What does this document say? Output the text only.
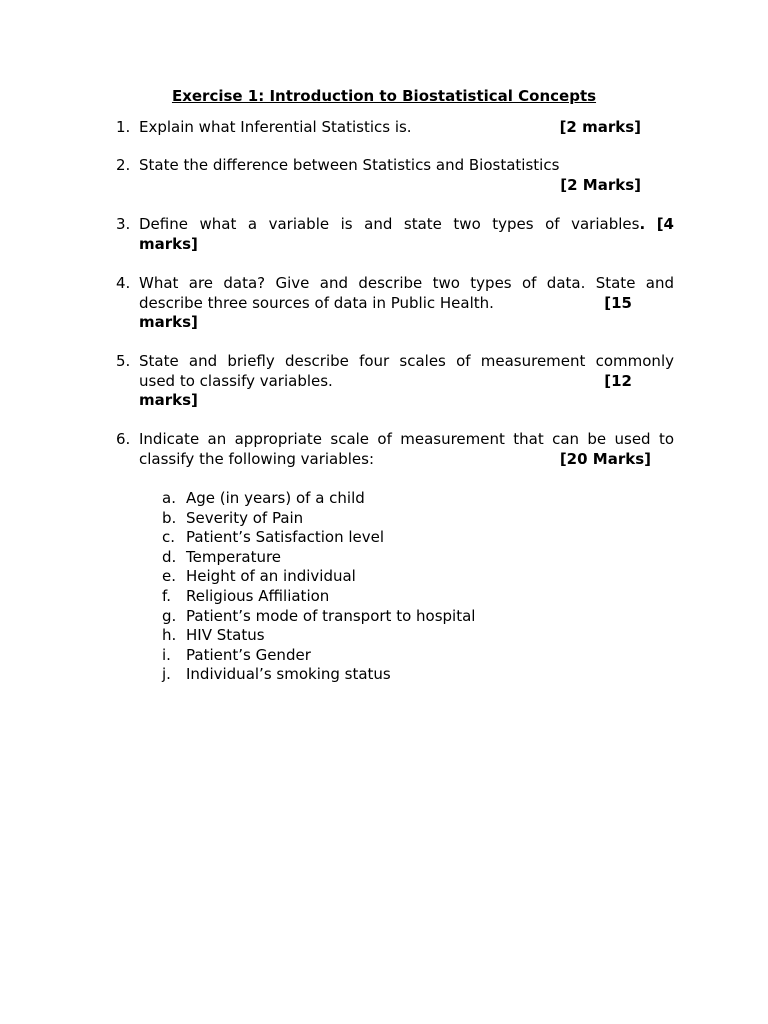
Exercise 1: Introduction to Biostatistical Concepts
1. Explain what Inferential Statistics is.	[2 marks]
2. State the difference between Statistics and Biostatistics
[2 Marks]
3. Define what a variable is and state two types of variables. [4
marks]
4. What are data? Give and describe two types of data. State and
describe three sources of data in Public Health.	[15
marks]
5. State and briefly describe four scales of measurement commonly
used to classify variables.	[12
marks]
6. Indicate an appropriate scale of measurement that can be used to
classify the following variables:	[20 Marks]
a. Age (in years) of a child
b. Severity of Pain
c. Patient’s Satisfaction level
d. Temperature
e. Height of an individual
f.	Religious Affiliation
g. Patient’s mode of transport to hospital
h. HIV Status
i.	Patient’s Gender
j.	Individual’s smoking status
